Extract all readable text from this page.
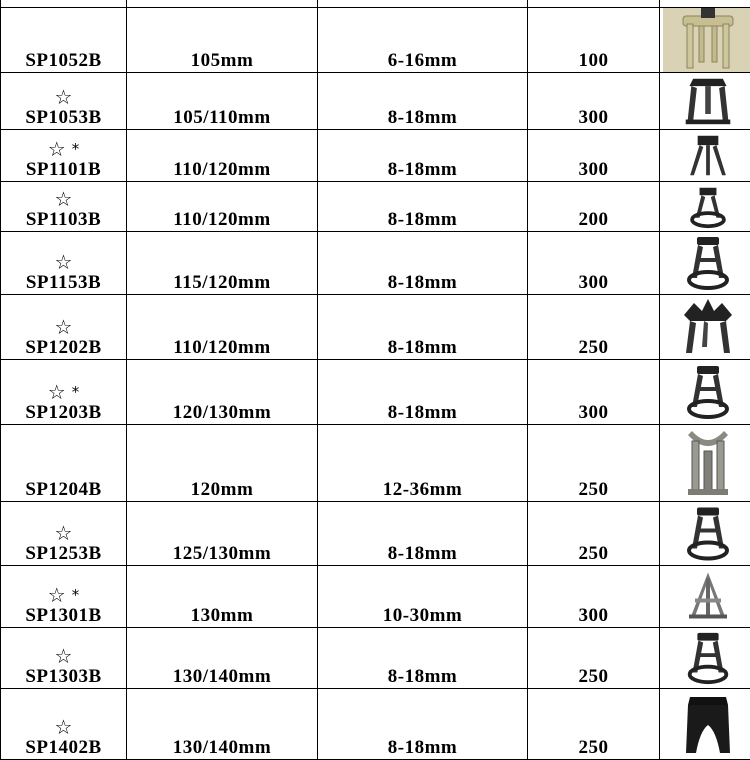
SP1052B	105mm	6-16mm	100

☆
SP1053B	105/110mm	8-18mm	300

☆ *
SP1101B	110/120mm	8-18mm	300

☆
SP1103B	110/120mm	8-18mm	200

☆
SP1153B	115/120mm	8-18mm	300

☆
SP1202B	110/120mm	8-18mm	250

☆ *
SP1203B	120/130mm	8-18mm	300

SP1204B	120mm	12-36mm	250

☆
SP1253B	125/130mm	8-18mm	250

☆ *
SP1301B	130mm	10-30mm	300

☆
SP1303B	130/140mm	8-18mm	250

☆
SP1402B	130/140mm	8-18mm	250
